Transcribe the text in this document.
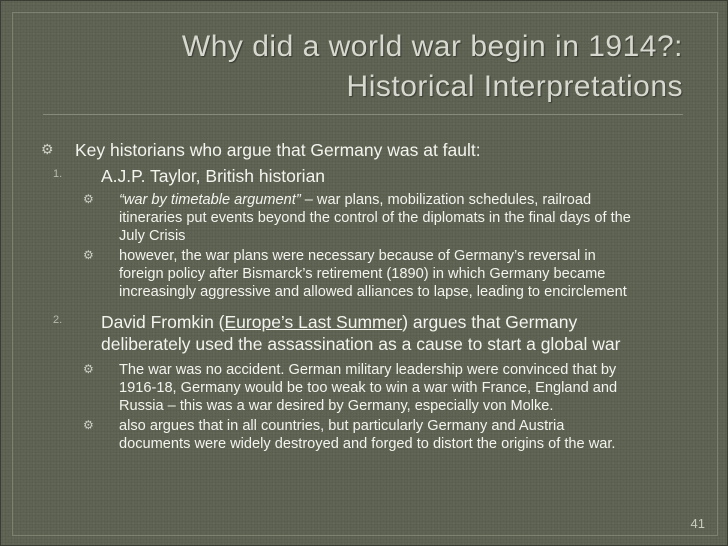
Why did a world war begin in 1914?:
Historical Interpretations
⚙	Key historians who argue that Germany was at fault:
1.	A.J.P. Taylor, British historian
⚙ “war by timetable argument” – war plans, mobilization schedules, railroad
itineraries put events beyond the control of the diplomats in the final days of the
July Crisis
⚙ however, the war plans were necessary because of Germany’s reversal in
foreign policy after Bismarck’s retirement (1890) in which Germany became
increasingly aggressive and allowed alliances to lapse, leading to encirclement
2. David Fromkin (Europe’s Last Summer) argues that Germany
deliberately used the assassination as a cause to start a global war
⚙ The war was no accident. German military leadership were convinced that by
1916-18, Germany would be too weak to win a war with France, England and
Russia – this was a war desired by Germany, especially von Molke.
⚙ also argues that in all countries, but particularly Germany and Austria
documents were widely destroyed and forged to distort the origins of the war.
41
